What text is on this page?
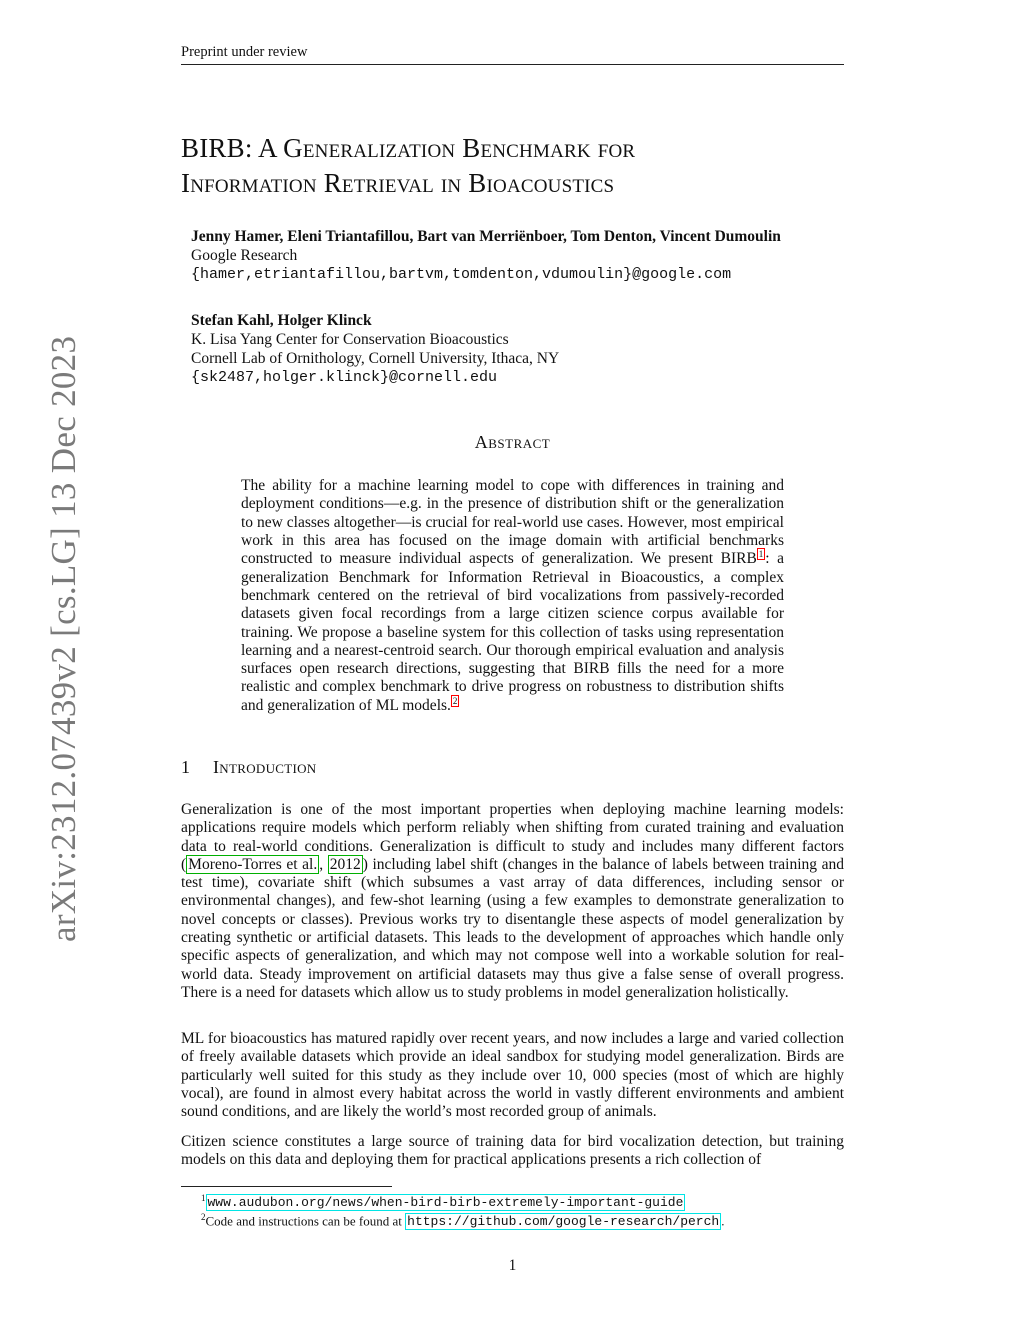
Preprint under review
arXiv:2312.07439v2 [cs.LG] 13 Dec 2023
BIRB: A Generalization Benchmark for
Information Retrieval in Bioacoustics
Jenny Hamer, Eleni Triantafillou, Bart van Merriënboer, Tom Denton, Vincent Dumoulin
Google Research
{hamer,etriantafillou,bartvm,tomdenton,vdumoulin}@google.com
Stefan Kahl, Holger Klinck
K. Lisa Yang Center for Conservation Bioacoustics
Cornell Lab of Ornithology, Cornell University, Ithaca, NY
{sk2487,holger.klinck}@cornell.edu
Abstract
The ability for a machine learning model to cope with differences in training and deployment conditions—e.g. in the presence of distribution shift or the generalization to new classes altogether—is crucial for real-world use cases. However, most empirical work in this area has focused on the image domain with artificial benchmarks constructed to measure individual aspects of generalization. We present BIRB $^1$ : a generalization Benchmark for Information Retrieval in Bioacoustics, a complex benchmark centered on the retrieval of bird vocalizations from passively-recorded datasets given focal recordings from a large citizen science corpus available for training. We propose a baseline system for this collection of tasks using representation learning and a nearest-centroid search. Our thorough empirical evaluation and analysis surfaces open research directions, suggesting that BIRB fills the need for a more realistic and complex benchmark to drive progress on robustness to distribution shifts and generalization of ML models. $^2$
1 Introduction
Generalization is one of the most important properties when deploying machine learning models: applications require models which perform reliably when shifting from curated training and evaluation data to real-world conditions. Generalization is difficult to study and includes many different factors ( Moreno-Torres et al. , 2012 ) including label shift (changes in the balance of labels between training and test time), covariate shift (which subsumes a vast array of data differences, including sensor or environmental changes), and few-shot learning (using a few examples to demonstrate generalization to novel concepts or classes). Previous works try to disentangle these aspects of model generalization by creating synthetic or artificial datasets. This leads to the development of approaches which handle only specific aspects of generalization, and which may not compose well into a workable solution for real-world data. Steady improvement on artificial datasets may thus give a false sense of overall progress. There is a need for datasets which allow us to study problems in model generalization holistically.
ML for bioacoustics has matured rapidly over recent years, and now includes a large and varied collection of freely available datasets which provide an ideal sandbox for studying model generalization. Birds are particularly well suited for this study as they include over 10, 000 species (most of which are highly vocal), are found in almost every habitat across the world in vastly different environments and ambient sound conditions, and are likely the world’s most recorded group of animals.
Citizen science constitutes a large source of training data for bird vocalization detection, but training models on this data and deploying them for practical applications presents a rich collection of
$^1$ www.audubon.org/news/when-bird-birb-extremely-important-guide
$^2$Code and instructions can be found at https://github.com/google-research/perch .
1
